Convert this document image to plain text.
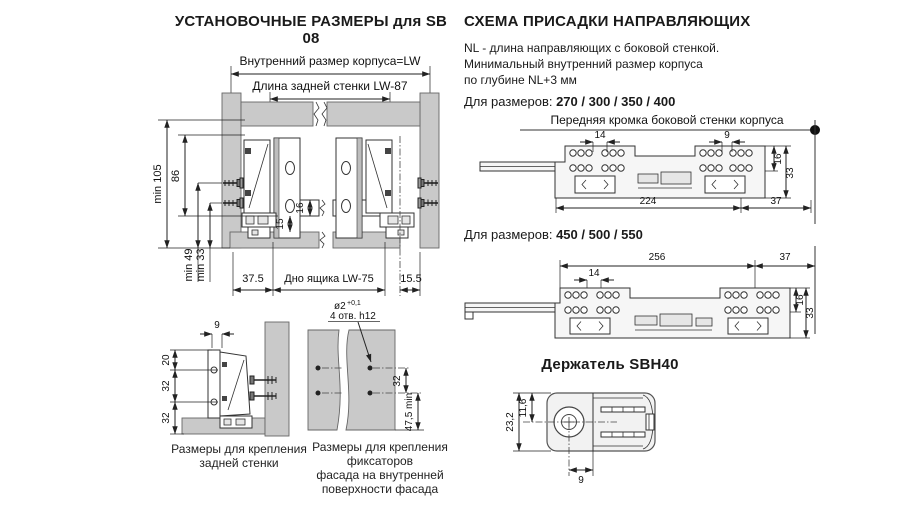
УСТАНОВОЧНЫЕ РАЗМЕРЫ для SB 08
Внутренний размер корпуса=LW
Длина задней стенки LW-87
min 105 86
min 49 min 33
16
15
37.5 Дно ящика LW-75 15.5
9
20
32
32
Размеры для крепления
задней стенки
ø2 +0,1
4 отв. h12
32
47,5 min
Размеры для крепления фиксаторов
фасада на внутренней
поверхности фасада
СХЕМА ПРИСАДКИ НАПРАВЛЯЮЩИХ
NL - длина направляющих с боковой стенкой.
Минимальный внутренний размер корпуса
по глубине NL+3 мм
Для размеров: 270 / 300 / 350 / 400
Передняя кромка боковой стенки корпуса
14	9
16
33
224	37
Для размеров: 450 / 500 / 550
256	37
14
16
33
Держатель SBH40
23,2
11,6
9
